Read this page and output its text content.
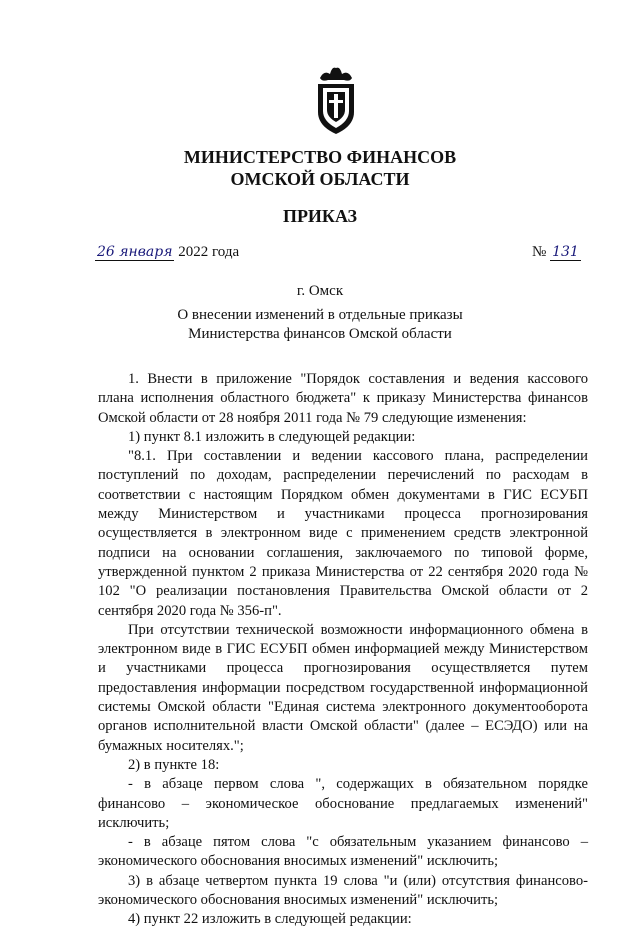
МИНИСТЕРСТВО ФИНАНСОВ
ОМСКОЙ ОБЛАСТИ
ПРИКАЗ
26 января 2022 года	№ 131
г. Омск
О внесении изменений в отдельные приказы
Министерства финансов Омской области

1. Внести в приложение "Порядок составления и ведения кассового плана исполнения областного бюджета" к приказу Министерства финансов Омской области от 28 ноября 2011 года № 79 следующие изменения:

1) пункт 8.1 изложить в следующей редакции:

"8.1. При составлении и ведении кассового плана, распределении поступлений по доходам, распределении перечислений по расходам в соответствии с настоящим Порядком обмен документами в ГИС ЕСУБП между Министерством и участниками процесса прогнозирования осуществляется в электронном виде с применением средств электронной подписи на основании соглашения, заключаемого по типовой форме, утвержденной пунктом 2 приказа Министерства от 22 сентября 2020 года № 102 "О реализации постановления Правительства Омской области от 2 сентября 2020 года № 356-п".

При отсутствии технической возможности информационного обмена в электронном виде в ГИС ЕСУБП обмен информацией между Министерством и участниками процесса прогнозирования осуществляется путем предоставления информации посредством государственной информационной системы Омской области "Единая система электронного документооборота органов исполнительной власти Омской области" (далее – ЕСЭДО) или на бумажных носителях.";

2) в пункте 18:

- в абзаце первом слова ", содержащих в обязательном порядке финансово – экономическое обоснование предлагаемых изменений" исключить;

- в абзаце пятом слова "с обязательным указанием финансово – экономического обоснования вносимых изменений" исключить;

3) в абзаце четвертом пункта 19 слова "и (или) отсутствия финансово-экономического обоснования вносимых изменений" исключить;

4) пункт 22 изложить в следующей редакции:
